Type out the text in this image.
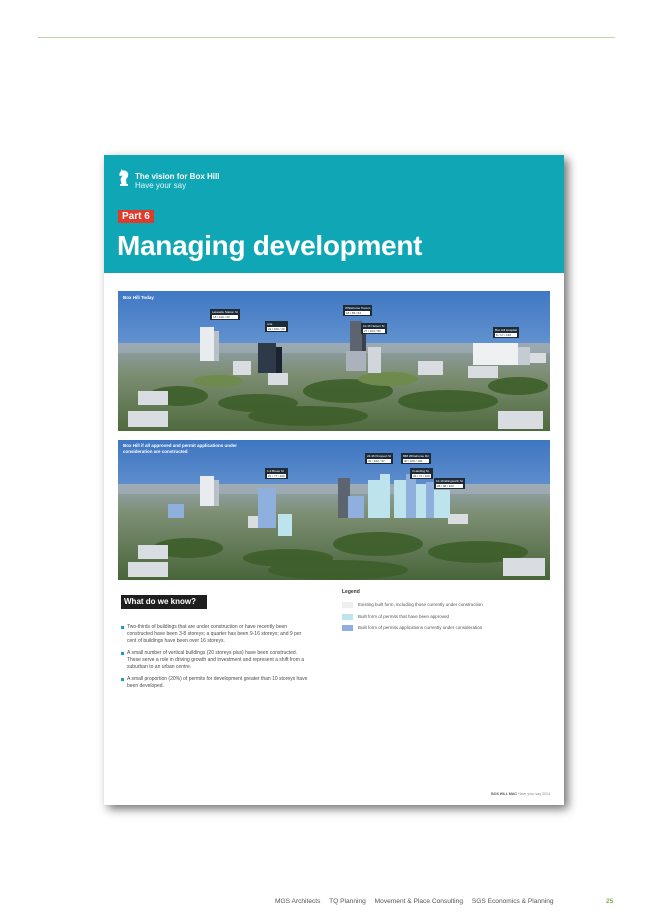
The vision for Box Hill
Have your say
Part 6
Managing development
Box Hill Today
Lakeside Station St
18 / 120 / 20
Whitehorse Towers
18 / 83 / 64
Aria
22 / 100 / 20
10-16 Nelson St
27 / 103 / 80	Box Hill Hospital
8 / 17 / 120
Box Hill if all approved and permit applications under consideration are constructed
22-36 Prospect St
31 / 102 / 97
868 Whitehorse Rd
30 / 100 / 100
1-3 Bruce St
21 / 77 / 100
3 Harding St
33 / 71 / 100
10-16 Ellingworth St
28 / 98 / 100
What do we know?
Two-thirds of buildings that are under construction or have recently been constructed have been 3-8 storeys; a quarter has been 9-16 storeys; and 9 per cent of buildings have been over 16 storeys.
A small number of vertical buildings (20 storeys plus) have been constructed. These serve a role in driving growth and investment and represent a shift from a suburban to an urban centre.
A small proportion (20%) of permits for development greater than 10 storeys have been developed.
Legend
Existing built form, including those currently under construction
Built form of permits that have been approved
Built form of permits applications currently under consideration
BOX HILL MAC Have your say 2014
MGS Architects TQ Planning Movement & Place Consulting SGS Economics & Planning	25
